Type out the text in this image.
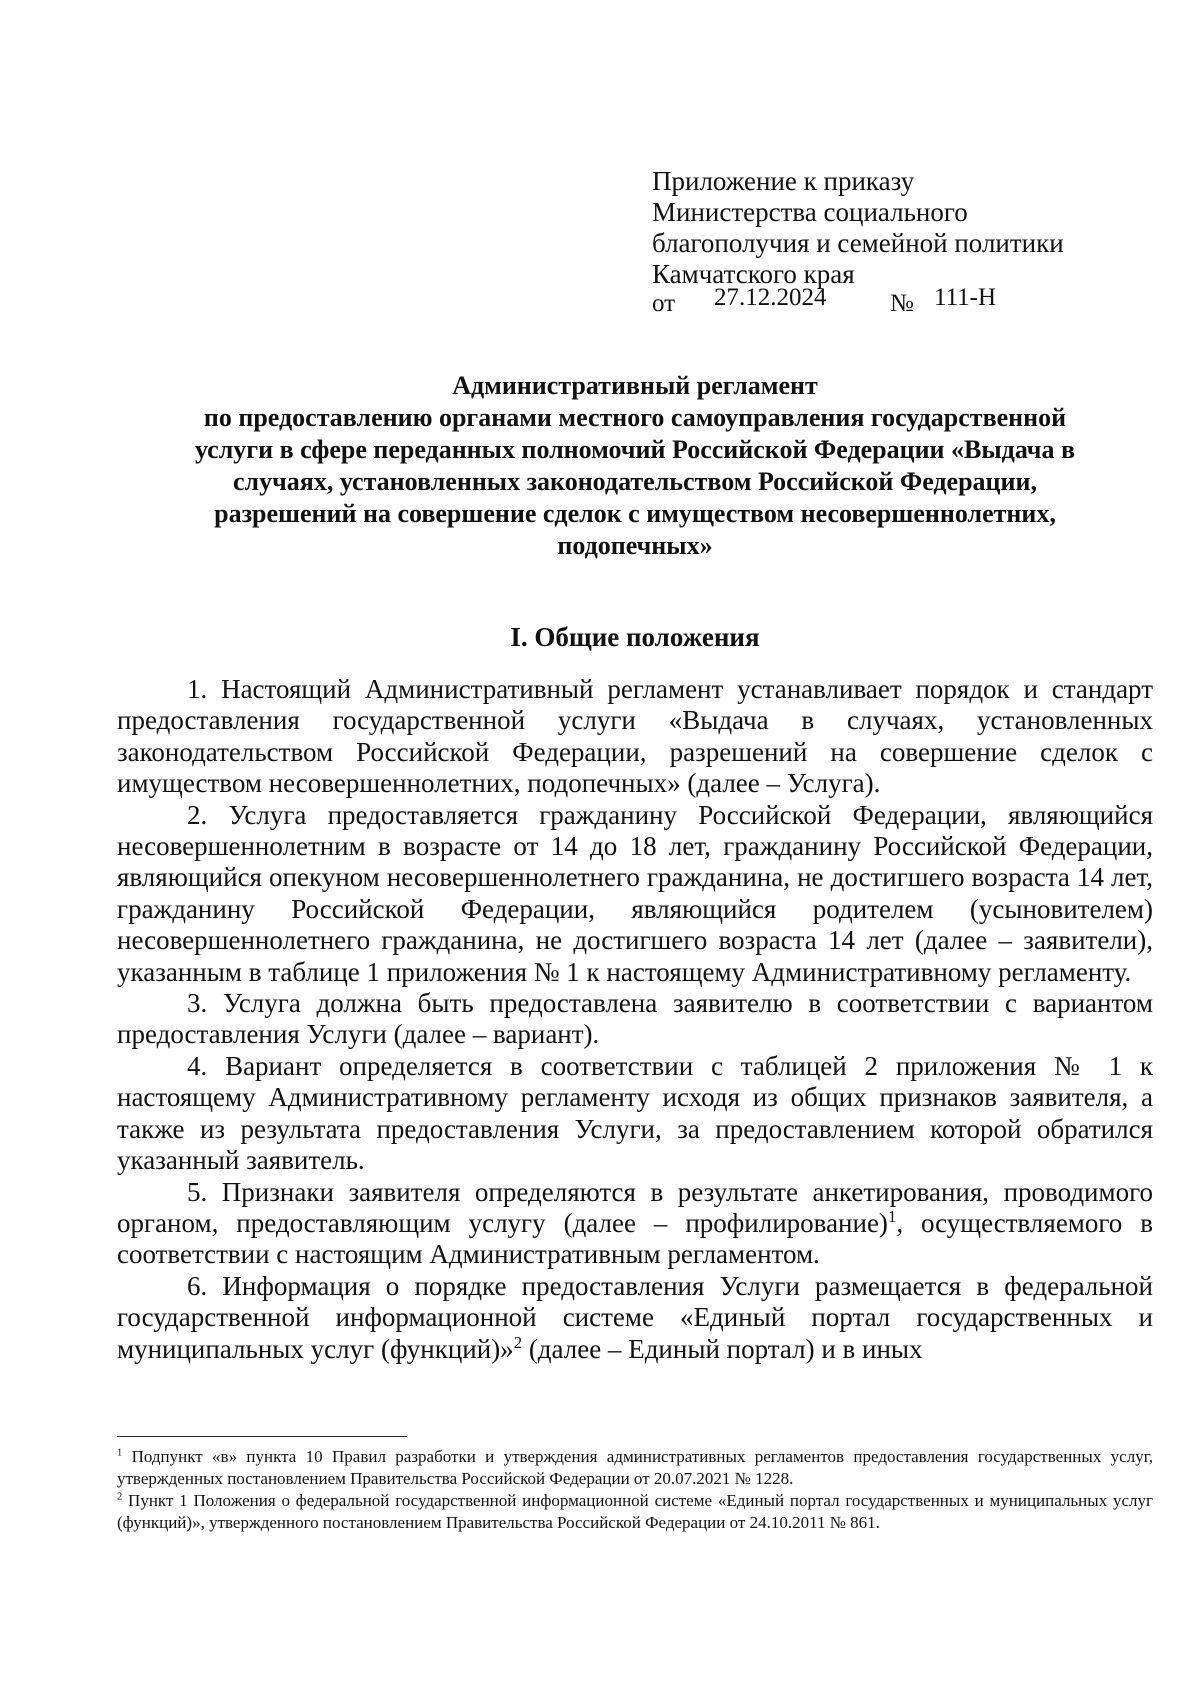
Приложение к приказу
Министерства социального
благополучия и семейной политики
Камчатского края
от 27.12.2024	№ 111-Н
Административный регламент
по предоставлению органами местного самоуправления государственной
услуги в сфере переданных полномочий Российской Федерации «Выдача в
случаях, установленных законодательством Российской Федерации,
разрешений на совершение сделок с имуществом несовершеннолетних,
подопечных»
I. Общие положения

1. Настоящий Административный регламент устанавливает порядок и стандарт предоставления государственной услуги «Выдача в случаях, установленных законодательством Российской Федерации, разрешений на совершение сделок с имуществом несовершеннолетних, подопечных» (далее – Услуга).

2. Услуга предоставляется гражданину Российской Федерации, являющийся несовершеннолетним в возрасте от 14 до 18 лет, гражданину Российской Федерации, являющийся опекуном несовершеннолетнего гражданина, не достигшего возраста 14 лет, гражданину Российской Федерации, являющийся родителем (усыновителем) несовершеннолетнего гражданина, не достигшего возраста 14 лет (далее – заявители), указанным в таблице 1 приложения № 1 к настоящему Административному регламенту.

3. Услуга должна быть предоставлена заявителю в соответствии с вариантом предоставления Услуги (далее – вариант).

4. Вариант определяется в соответствии с таблицей 2 приложения № 1 к настоящему Административному регламенту исходя из общих признаков заявителя, а также из результата предоставления Услуги, за предоставлением которой обратился указанный заявитель.

5. Признаки заявителя определяются в результате анкетирования, проводимого органом, предоставляющим услугу (далее – профилирование)$^1$, осуществляемого в соответствии с настоящим Административным регламентом.

6. Информация о порядке предоставления Услуги размещается в федеральной государственной информационной системе «Единый портал государственных и муниципальных услуг (функций)»$^2$ (далее – Единый портал) и в иных

$^1$ Подпункт «в» пункта 10 Правил разработки и утверждения административных регламентов предоставления государственных услуг, утвержденных постановлением Правительства Российской Федерации от 20.07.2021 № 1228.

$^2$ Пункт 1 Положения о федеральной государственной информационной системе «Единый портал государственных и муниципальных услуг (функций)», утвержденного постановлением Правительства Российской Федерации от 24.10.2011 № 861.
